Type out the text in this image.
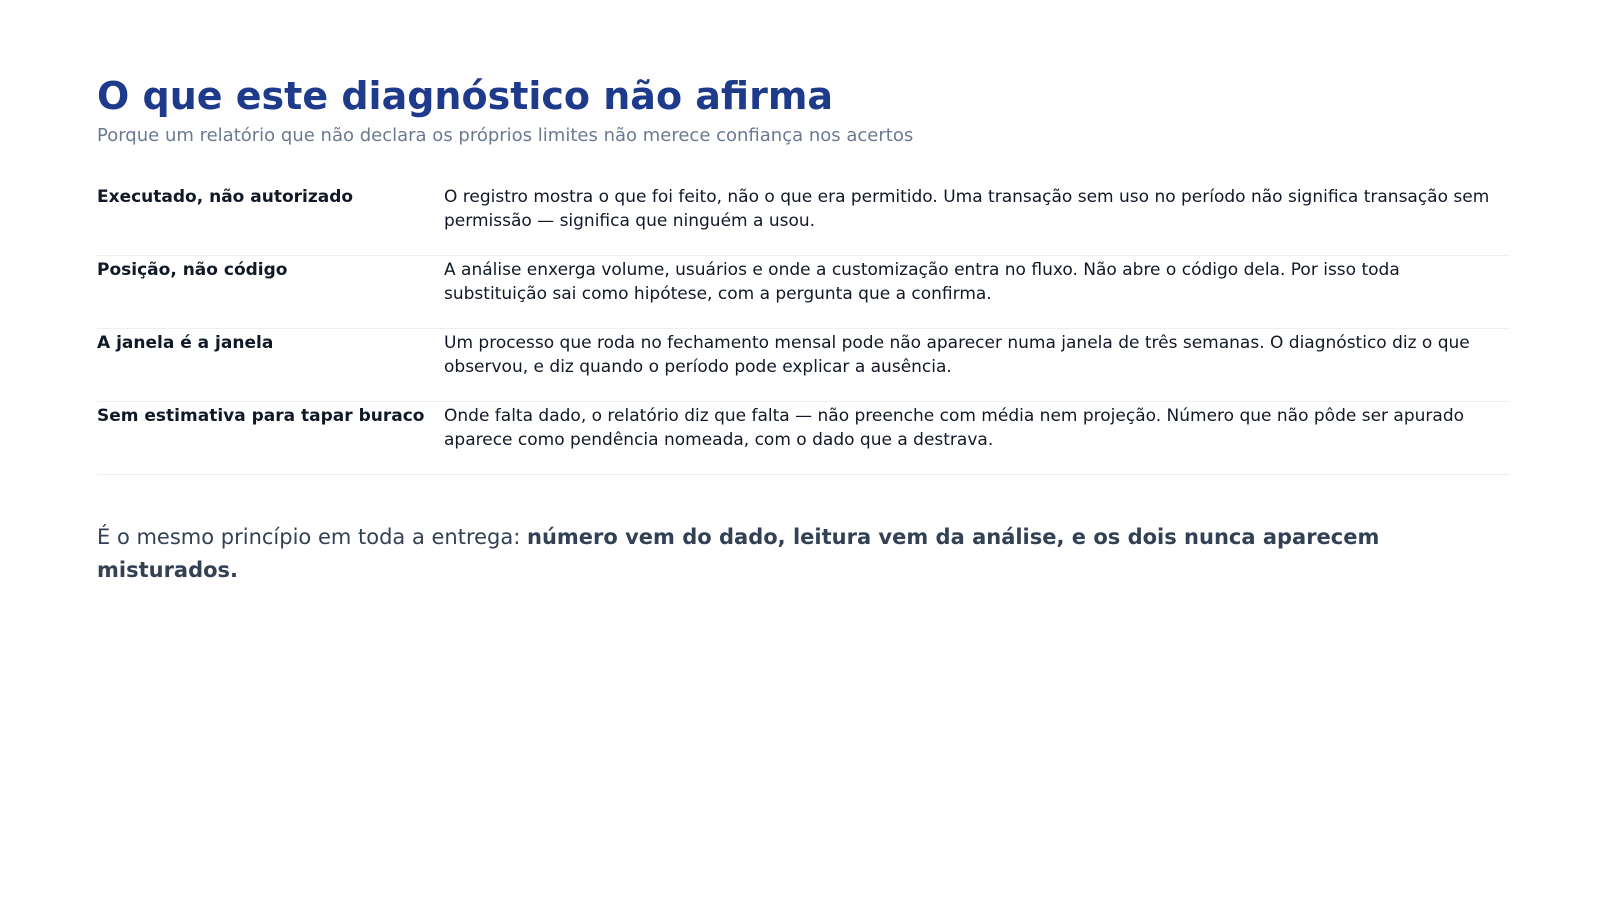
O que este diagnóstico não afirma
Porque um relatório que não declara os próprios limites não merece confiança nos acertos
Executado, não autorizado	O registro mostra o que foi feito, não o que era permitido. Uma transação sem uso no período não significa transação sem permissão — significa que ninguém a usou.
Posição, não código	A análise enxerga volume, usuários e onde a customização entra no fluxo. Não abre o código dela. Por isso toda substituição sai como hipótese, com a pergunta que a confirma.
A janela é a janela	Um processo que roda no fechamento mensal pode não aparecer numa janela de três semanas. O diagnóstico diz o que observou, e diz quando o período pode explicar a ausência.
Sem estimativa para tapar buraco	Onde falta dado, o relatório diz que falta — não preenche com média nem projeção. Número que não pôde ser apurado aparece como pendência nomeada, com o dado que a destrava.

É o mesmo princípio em toda a entrega: número vem do dado, leitura vem da análise, e os dois nunca aparecem misturados.
